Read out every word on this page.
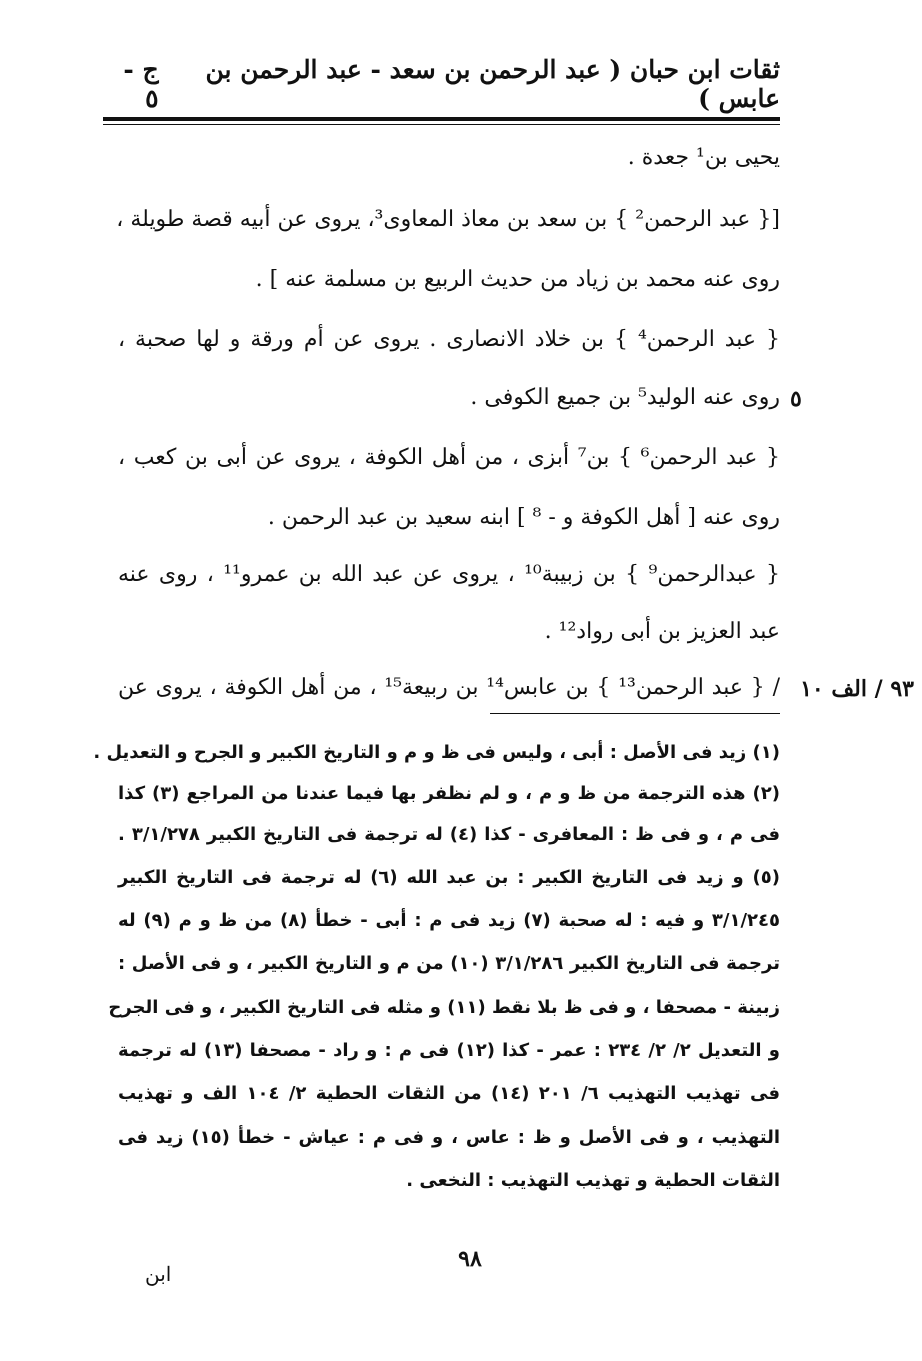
ثقات ابن حبان ( عبد الرحمن بن سعد - عبد الرحمن بن عابس )
ج - ٥
يحيى بن¹ جعدة .
[{ عبد الرحمن² } بن سعد بن معاذ المعاوى³، يروى عن أبيه قصة طويلة ،
روى عنه محمد بن زياد من حديث الربيع بن مسلمة عنه ] .
{ عبد الرحمن⁴ } بن خلاد الانصارى . يروى عن أم ورقة و لها صحبة ،
روى عنه الوليد⁵ بن جميع الكوفى .
{ عبد الرحمن⁶ } بن⁷ أبزى ، من أهل الكوفة ، يروى عن أبى بن كعب ،
روى عنه [ أهل الكوفة و - ⁸ ] ابنه سعيد بن عبد الرحمن .
{ عبدالرحمن⁹ } بن زبيبة¹⁰ ، يروى عن عبد الله بن عمرو¹¹ ، روى عنه
عبد العزيز بن أبى رواد¹² .
/ { عبد الرحمن¹³ } بن عابس¹⁴ بن ربيعة¹⁵ ، من أهل الكوفة ، يروى عن
٥
٩٣ / الف ١٠
(١) زيد فى الأصل : أبى ، وليس فى ظ و م و التاريخ الكبير و الجرح و التعديل .
(٢) هذه الترجمة من ظ و م ، و لم نظفر بها فيما عندنا من المراجع (٣) كذا
فى م ، و فى ظ : المعافرى - كذا (٤) له ترجمة فى التاريخ الكبير ٣/١/٢٧٨ .
(٥) و زيد فى التاريخ الكبير : بن عبد الله (٦) له ترجمة فى التاريخ الكبير
٣/١/٢٤٥ و فيه : له صحبة (٧) زيد فى م : أبى - خطأ (٨) من ظ و م (٩) له
ترجمة فى التاريخ الكبير ٣/١/٢٨٦ (١٠) من م و التاريخ الكبير ، و فى الأصل :
زبينة - مصحفا ، و فى ظ بلا نقط (١١) و مثله فى التاريخ الكبير ، و فى الجرح
و التعديل ٢/ ٢/ ٢٣٤ : عمر - كذا (١٢) فى م : و راد - مصحفا (١٣) له ترجمة
فى تهذيب التهذيب ٦/ ٢٠١ (١٤) من الثقات الحطية ٢/ ١٠٤ الف و تهذيب
التهذيب ، و فى الأصل و ظ : عاس ، و فى م : عياش - خطأ (١٥) زيد فى
الثقات الحطية و تهذيب التهذيب : النخعى .
٩٨
ابن
